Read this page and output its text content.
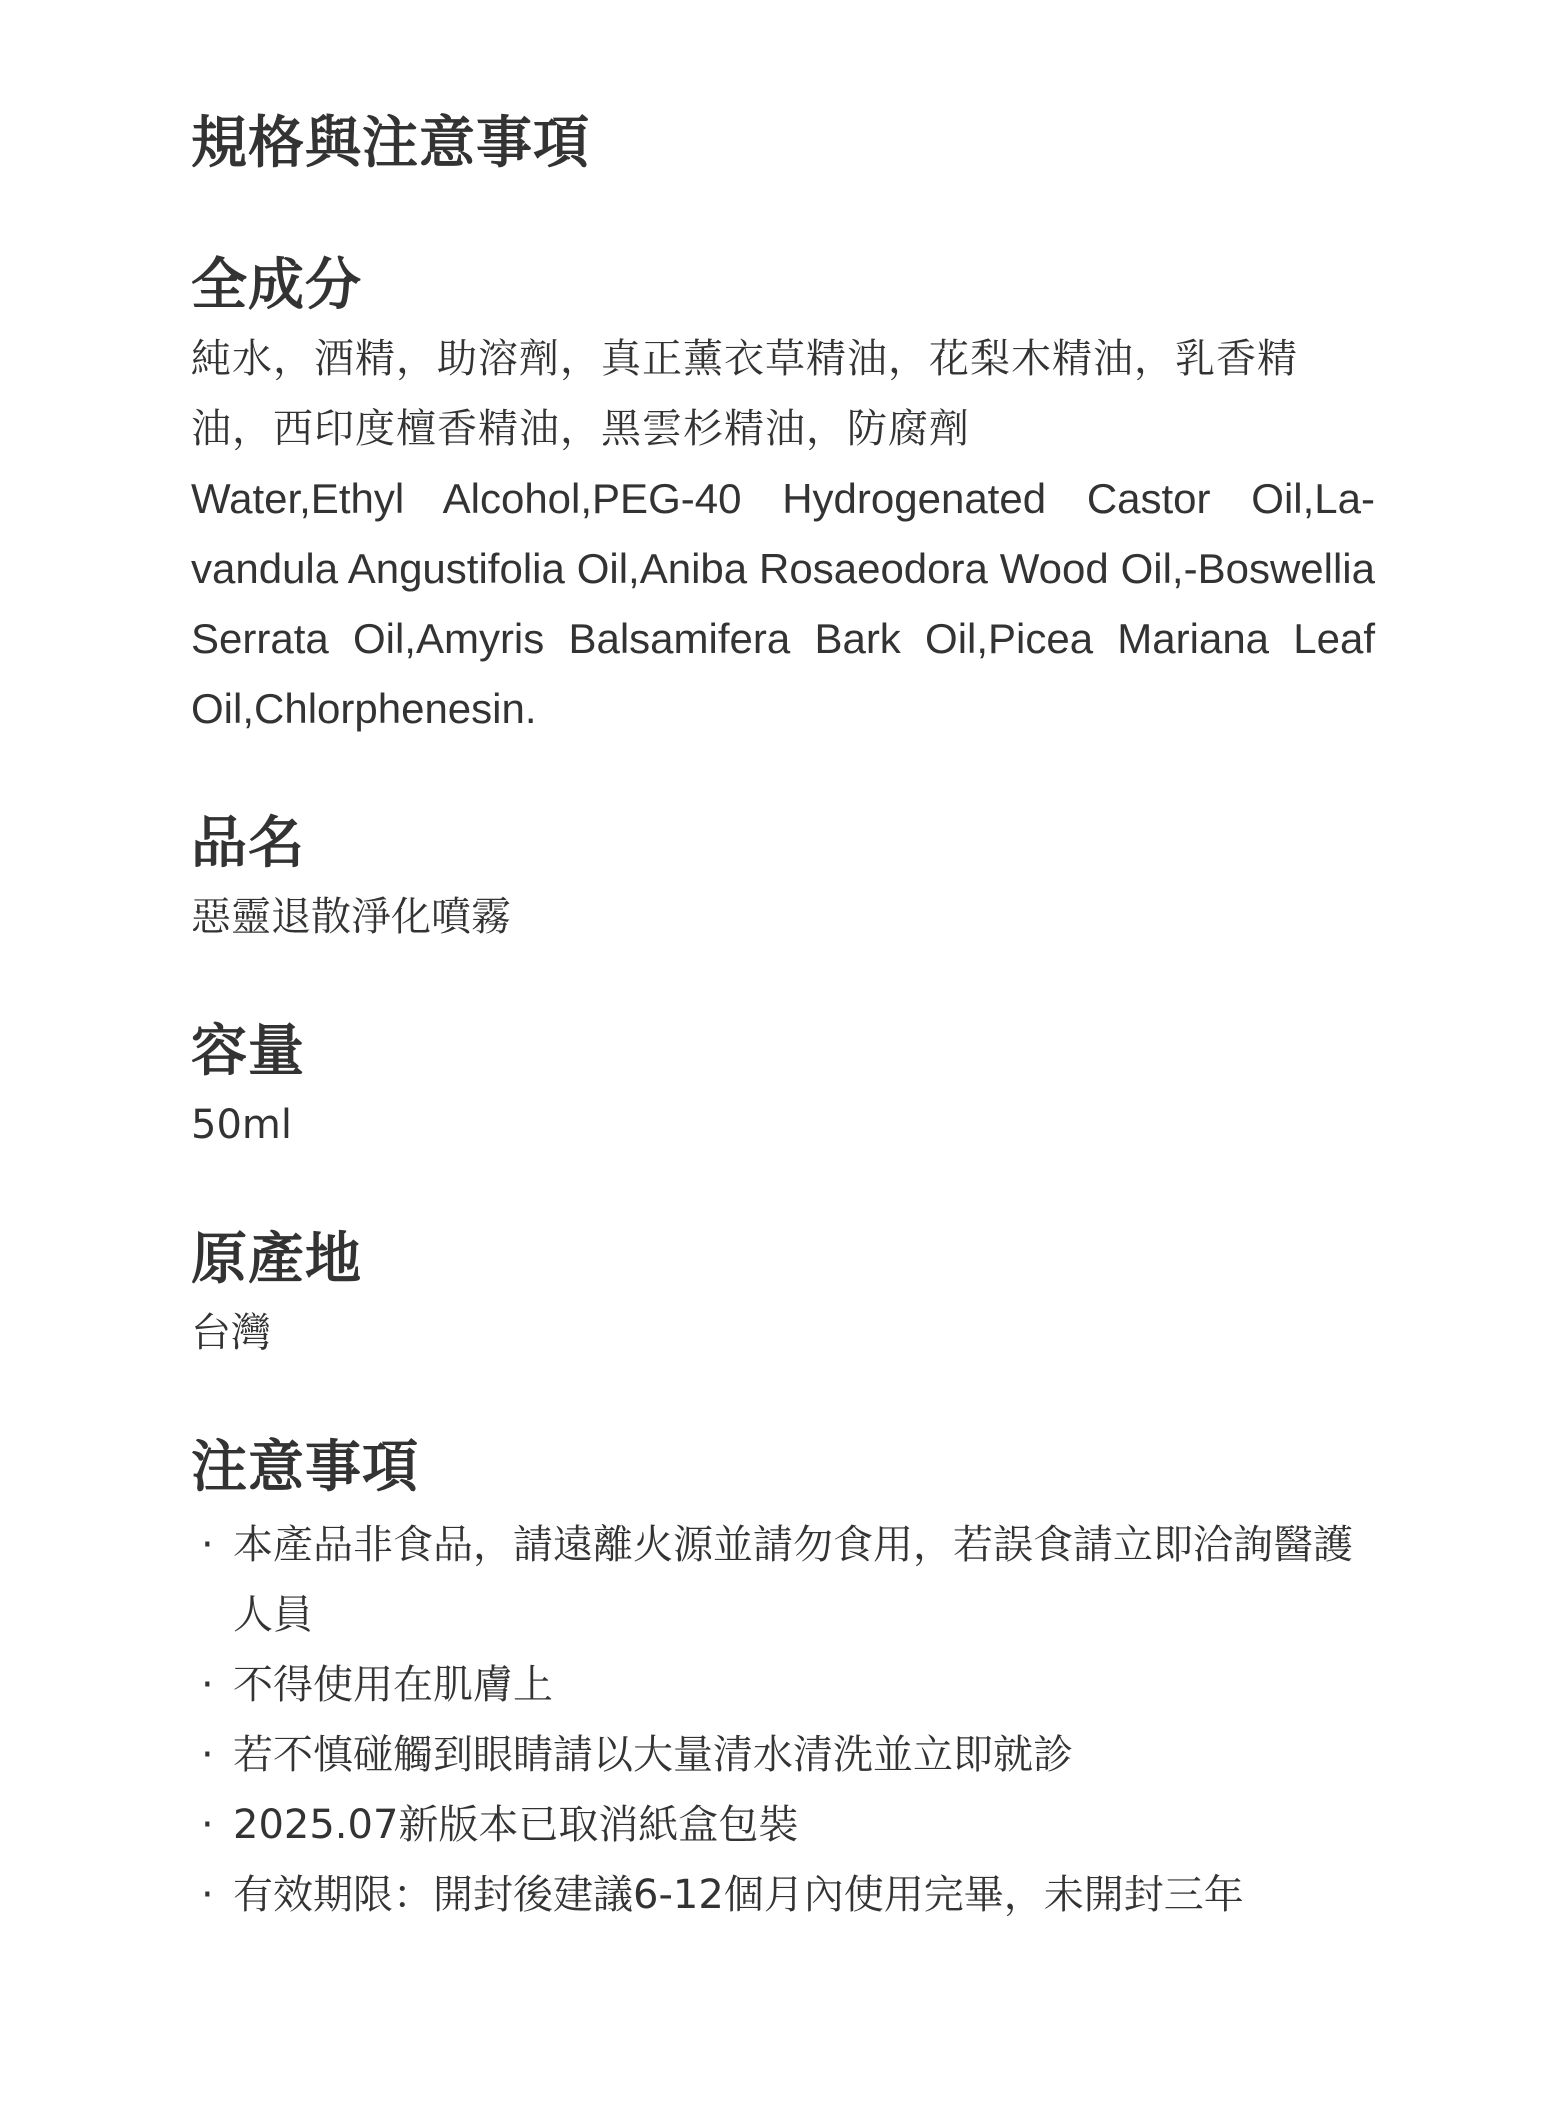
規格與注意事項
全成分

純水，酒精，助溶劑，真正薰衣草精油，花梨木精油，乳香精油，西印度檀香精油，黑雲杉精油，防腐劑

Water,Ethyl Alcohol,PEG-40 Hydrogenated Castor Oil,La-vandula Angustifolia Oil,Aniba Rosaeodora Wood Oil,-Boswellia Serrata Oil,Amyris Balsamifera Bark Oil,Picea Mariana Leaf Oil,Chlorphenesin.

品名

惡靈退散淨化噴霧

容量

50ml

原產地

台灣

注意事項
· 本產品非食品，請遠離火源並請勿食用，若誤食請立即洽詢醫護人員
· 不得使用在肌膚上
· 若不慎碰觸到眼睛請以大量清水清洗並立即就診
· 2025.07新版本已取消紙盒包裝
· 有效期限：開封後建議6-12個月內使用完畢，未開封三年
